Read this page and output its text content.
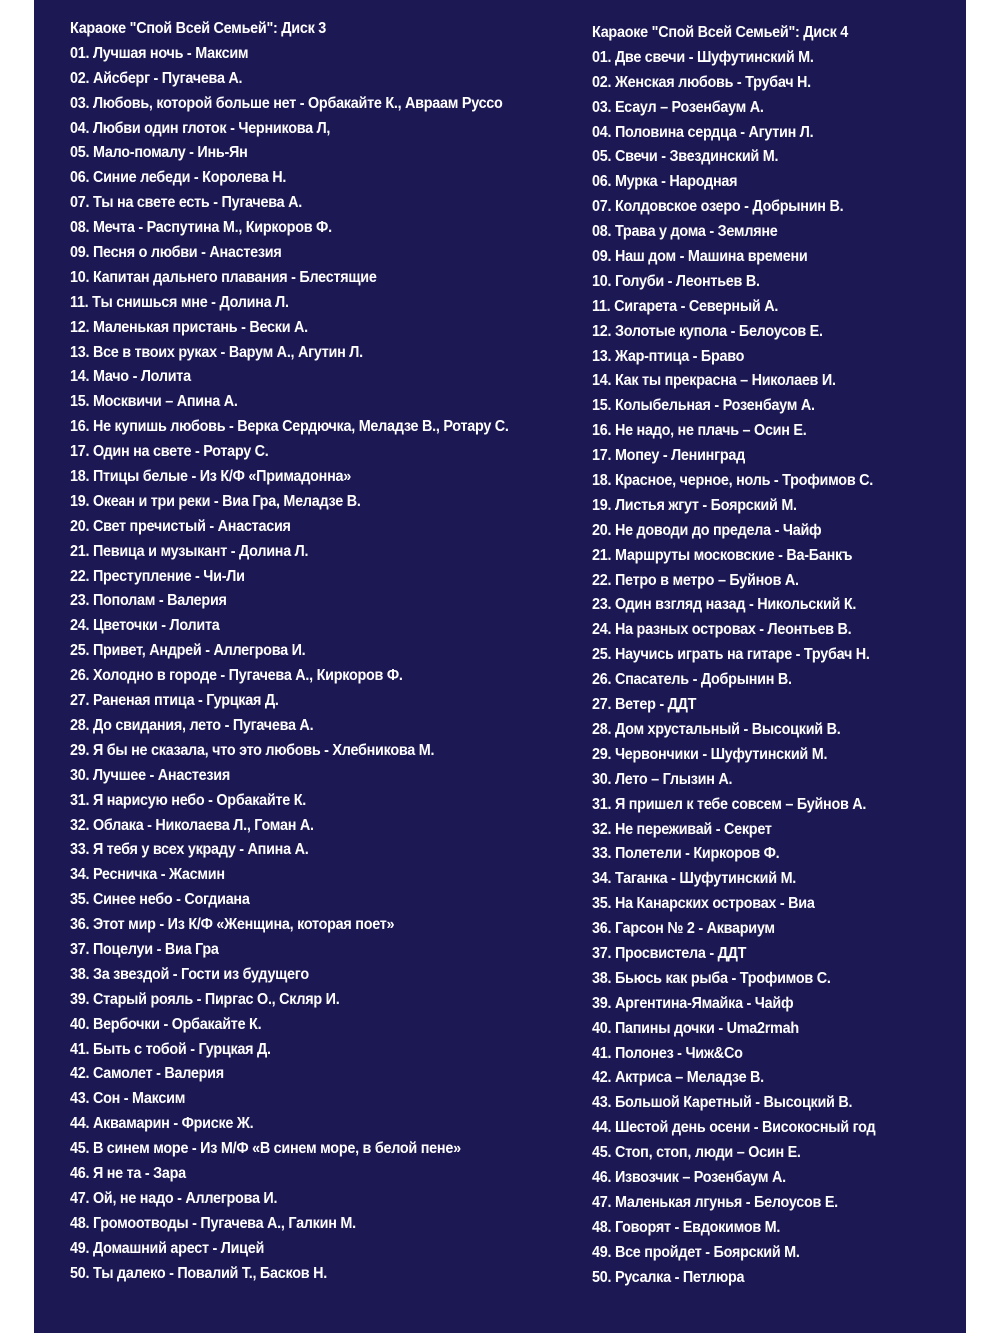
Караоке "Спой Всей Семьей": Диск 3
01. Лучшая ночь - Максим
02. Айсберг - Пугачева А.
03. Любовь, которой больше нет - Орбакайте К., Авраам Руссо
04. Любви один глоток - Черникова Л,
05. Мало-помалу - Инь-Ян
06. Синие лебеди - Королева Н.
07. Ты на свете есть - Пугачева А.
08. Мечта - Распутина М., Киркоров Ф.
09. Песня о любви - Анастезия
10. Капитан дальнего плавания - Блестящие
11. Ты снишься мне - Долина Л.
12. Маленькая пристань - Вески А.
13. Все в твоих руках - Варум А., Агутин Л.
14. Мачо - Лолита
15. Москвичи – Апина А.
16. Не купишь любовь - Верка Сердючка, Меладзе В., Ротару С.
17. Один на свете - Ротару С.
18. Птицы белые - Из К/Ф «Примадонна»
19. Океан и три реки - Виа Гра, Меладзе В.
20. Свет пречистый - Анастасия
21. Певица и музыкант - Долина Л.
22. Преступление - Чи-Ли
23. Пополам - Валерия
24. Цветочки - Лолита
25. Привет, Андрей - Аллегрова И.
26. Холодно в городе - Пугачева А., Киркоров Ф.
27. Раненая птица - Гурцкая Д.
28. До свидания, лето - Пугачева А.
29. Я бы не сказала, что это любовь - Хлебникова М.
30. Лучшее - Анастезия
31. Я нарисую небо - Орбакайте К.
32. Облака - Николаева Л., Гоман А.
33. Я тебя у всех украду - Апина А.
34. Ресничка - Жасмин
35. Синее небо - Согдиана
36. Этот мир - Из К/Ф «Женщина, которая поет»
37. Поцелуи - Виа Гра
38. За звездой - Гости из будущего
39. Старый рояль - Пиргаc О., Скляр И.
40. Вербочки - Орбакайте К.
41. Быть с тобой - Гурцкая Д.
42. Самолет - Валерия
43. Сон - Максим
44. Аквамарин - Фриске Ж.
45. В синем море - Из М/Ф «В синем море, в белой пене»
46. Я не та - Зара
47. Ой, не надо - Аллегрова И.
48. Громоотводы - Пугачева А., Галкин М.
49. Домашний арест - Лицей
50. Ты далеко - Повалий Т., Басков Н.
Караоке "Спой Всей Семьей": Диск 4
01. Две свечи - Шуфутинский М.
02. Женская любовь - Трубач Н.
03. Есаул – Розенбаум А.
04. Половина сердца - Агутин Л.
05. Свечи - Звездинский М.
06. Мурка - Народная
07. Колдовское озеро - Добрынин В.
08. Трава у дома - Земляне
09. Наш дом - Машина времени
10. Голуби - Леонтьев В.
11. Сигарета - Северный А.
12. Золотые купола - Белоусов Е.
13. Жар-птица - Браво
14. Как ты прекрасна – Николаев И.
15. Колыбельная - Розенбаум А.
16. Не надо, не плачь – Осин Е.
17. Moпey - Ленинград
18. Красное, черное, ноль - Трофимов С.
19. Листья жгут - Боярский М.
20. Не доводи до предела - Чайф
21. Маршруты московские - Ва-Банкъ
22. Петро в метро – Буйнов А.
23. Один взгляд назад - Никольский К.
24. На разных островах - Леонтьев В.
25. Научись играть на гитаре - Трубач Н.
26. Спасатель - Добрынин В.
27. Ветер - ДДТ
28. Дом хрустальный - Высоцкий В.
29. Червончики - Шуфутинский М.
30. Лето – Глызин А.
31. Я пришел к тебе совсем – Буйнов А.
32. Не переживай - Секрет
33. Полетели - Киркоров Ф.
34. Таганка - Шуфутинский М.
35. На Канарских островах - Виа
36. Гарсон № 2 - Аквариум
37. Просвистела - ДДТ
38. Бьюсь как рыба - Трофимов С.
39. Аргентина-Ямайка - Чайф
40. Папины дочки - Uma2rmah
41. Полонез - Чиж&Co
42. Актриса – Меладзе В.
43. Большой Каретный - Высоцкий В.
44. Шестой день осени - Високосный год
45. Стоп, стоп, люди – Осин Е.
46. Извозчик – Розенбаум А.
47. Маленькая лгунья - Белоусов Е.
48. Говорят - Евдокимов М.
49. Все пройдет - Боярский М.
50. Русалка - Петлюра
